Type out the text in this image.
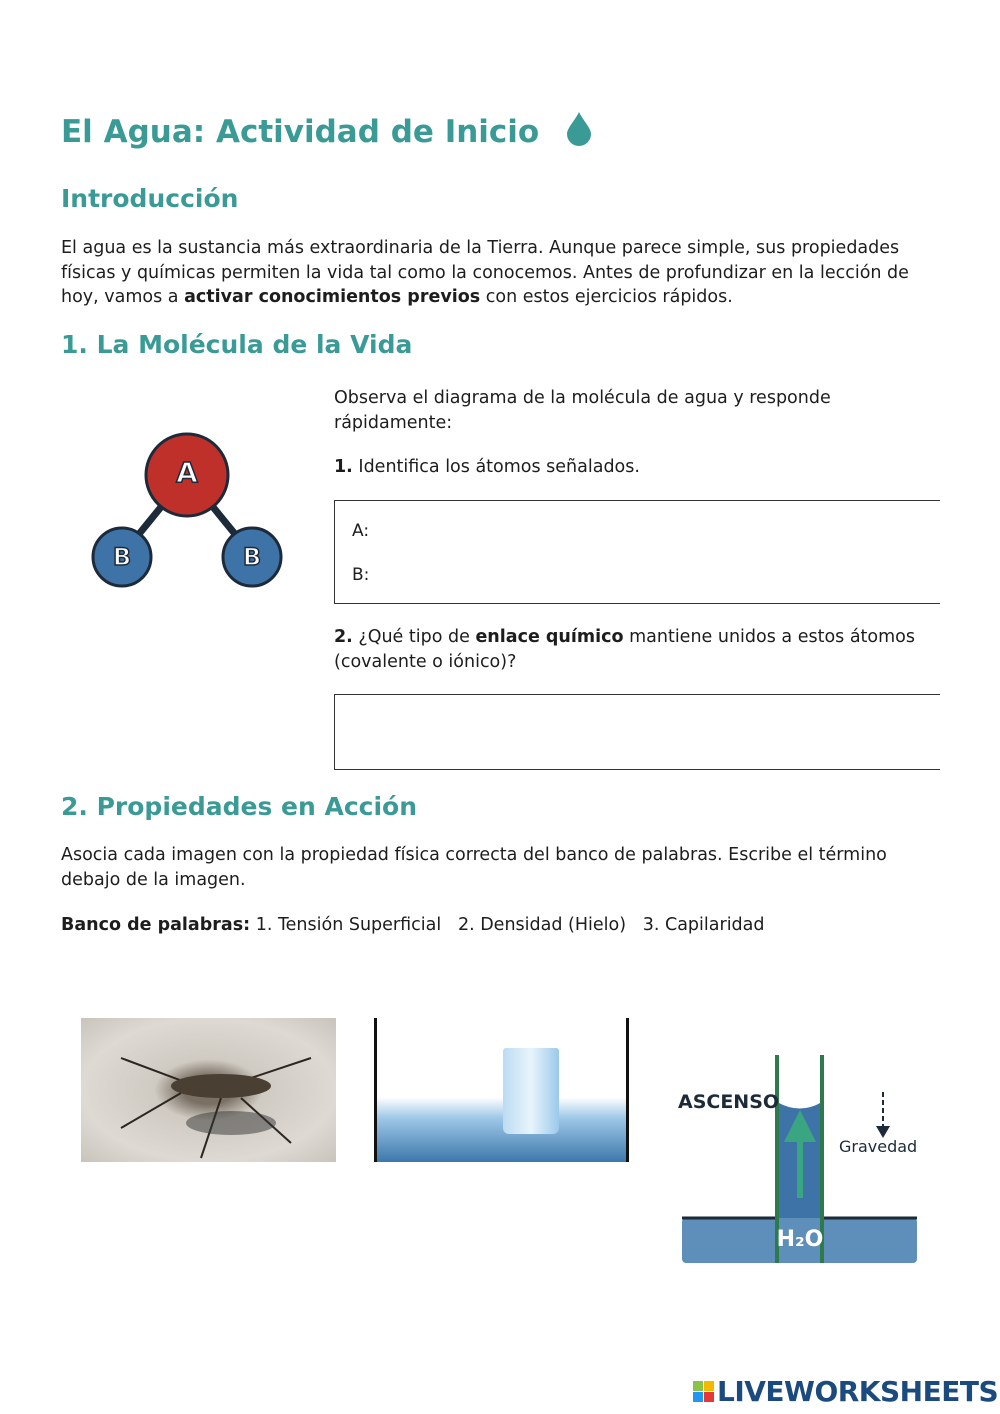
El Agua: Actividad de Inicio
Introducción

El agua es la sustancia más extraordinaria de la Tierra. Aunque parece simple, sus propiedades físicas y químicas permiten la vida tal como la conocemos. Antes de profundizar en la lección de hoy, vamos a activar conocimientos previos con estos ejercicios rápidos.

1. La Molécula de la Vida
A
B	B

Observa el diagrama de la molécula de agua y responde rápidamente:

1. Identifica los átomos señalados.

A:
B:

2. ¿Qué tipo de enlace químico mantiene unidos a estos átomos (covalente o iónico)?

2. Propiedades en Acción

Asocia cada imagen con la propiedad física correcta del banco de palabras. Escribe el término debajo de la imagen.

Banco de palabras: 1. Tensión Superficial 2. Densidad (Hielo) 3. Capilaridad

ASCENSO
Gravedad
H₂O
LIVEWORKSHEETS
